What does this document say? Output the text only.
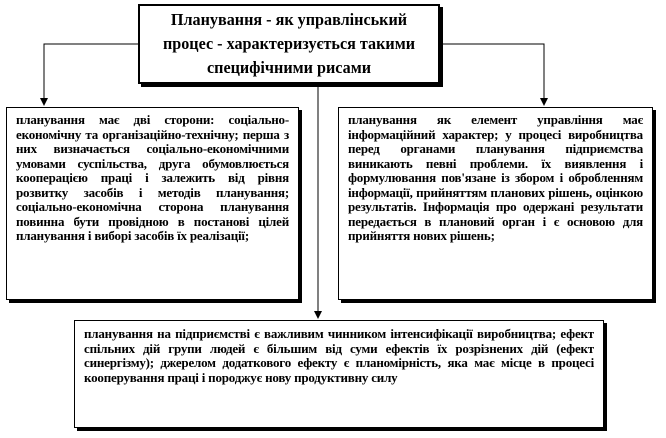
Планування - як управлінський процес - характеризується такими специфічними рисами

планування має дві сторони: соціально-економічну та організаційно-технічну; перша з них визначається соціально-економічними умовами суспільства, друга обумовлюється кооперацією праці і залежить від рівня розвитку засобів і методів планування; соціально-економічна сторона планування повинна бути провідною в постанові цілей планування і виборі засобів їх реалізації;

планування як елемент управління має інформаційний характер; у процесі виробництва перед органами планування підприємства виникають певні проблеми. їх виявлення і формулювання пов'язане із збором і обробленням інформації, прийняттям планових рішень, оцінкою результатів. Інформація про одержані результати передається в плановий орган і є основою для прийняття нових рішень;

планування на підприємстві є важливим чинником інтенсифікації виробництва; ефект спільних дій групи людей є більшим від суми ефектів їх розрізнених дій (ефект синергізму); джерелом додаткового ефекту є планомірність, яка має місце в процесі кооперування праці і породжує нову продуктивну силу
